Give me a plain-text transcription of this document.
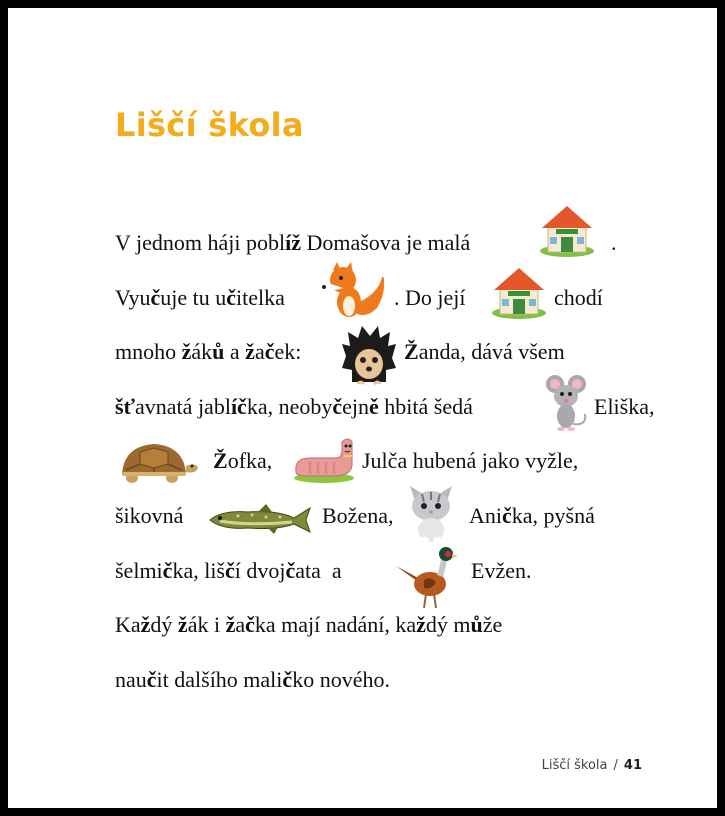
Liščí škola
V jednom háji poblíž Domašova je malá	.
Vyučuje tu učitelka	. Do její	chodí
mnoho žáků a žaček:	Žanda, dává všem
šťavnatá jablíčka, neobyčejně hbitá šedá	Eliška,
Žofka,	Julča hubená jako vyžle,
šikovná	Božena,	Anička, pyšná
šelmička, liščí dvojčata  a	Evžen.
Každý žák i žačka mají nadání, každý může
naučit dalšího maličko nového.
Liščí škola / 41
